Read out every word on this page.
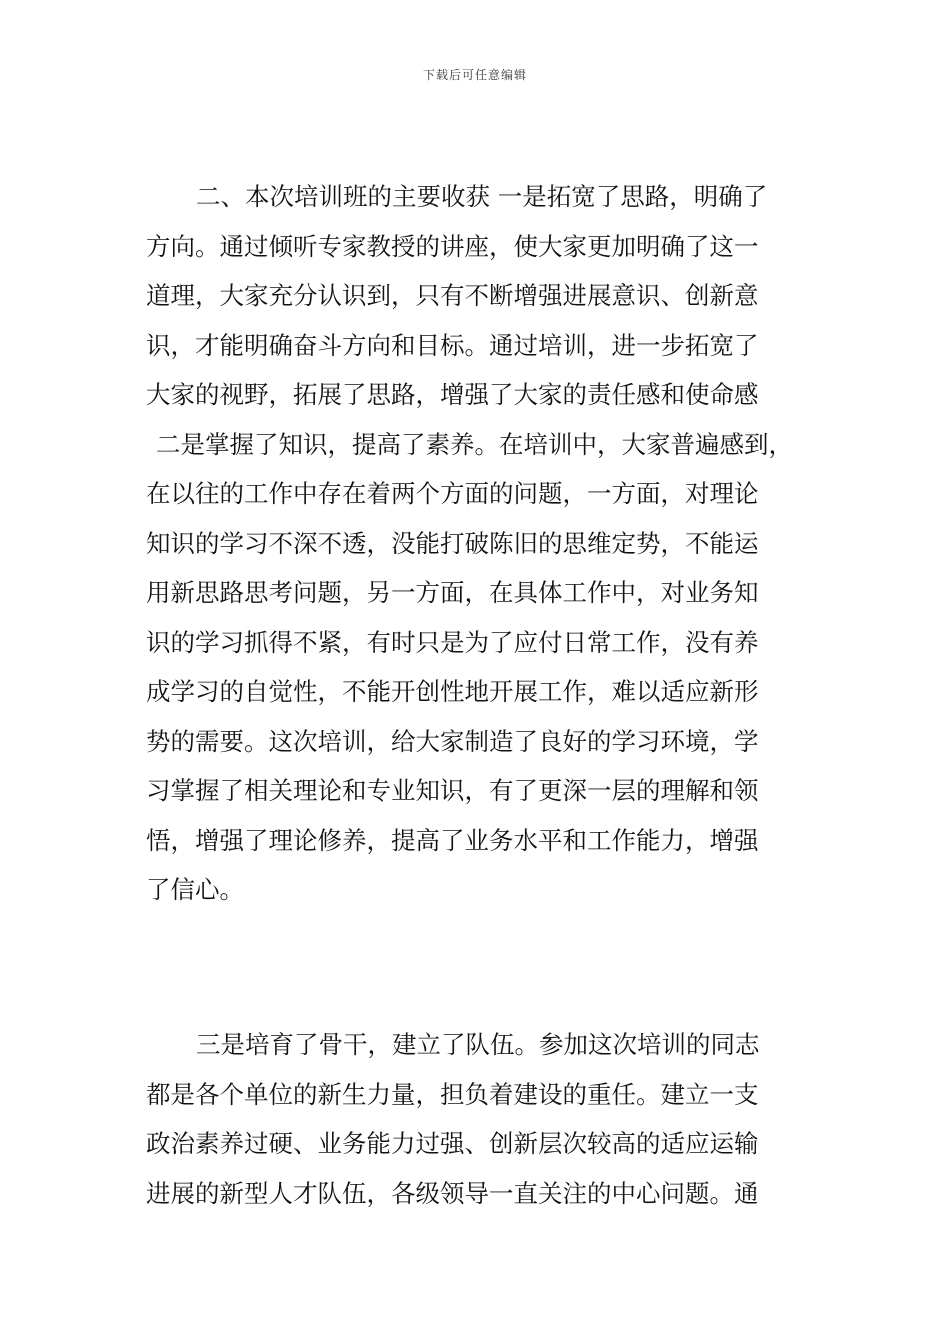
下载后可任意编辑
二、本次培训班的主要收获 一是拓宽了思路，明确了
方向。通过倾听专家教授的讲座，使大家更加明确了这一
道理，大家充分认识到，只有不断增强进展意识、创新意
识，才能明确奋斗方向和目标。通过培训，进一步拓宽了
大家的视野，拓展了思路，增强了大家的责任感和使命感
二是掌握了知识，提高了素养。在培训中，大家普遍感到，
在以往的工作中存在着两个方面的问题，一方面，对理论
知识的学习不深不透，没能打破陈旧的思维定势，不能运
用新思路思考问题，另一方面，在具体工作中，对业务知
识的学习抓得不紧，有时只是为了应付日常工作，没有养
成学习的自觉性，不能开创性地开展工作，难以适应新形
势的需要。这次培训，给大家制造了良好的学习环境，学
习掌握了相关理论和专业知识，有了更深一层的理解和领
悟，增强了理论修养，提高了业务水平和工作能力，增强
了信心。
三是培育了骨干，建立了队伍。参加这次培训的同志
都是各个单位的新生力量，担负着建设的重任。建立一支
政治素养过硬、业务能力过强、创新层次较高的适应运输
进展的新型人才队伍，各级领导一直关注的中心问题。通
